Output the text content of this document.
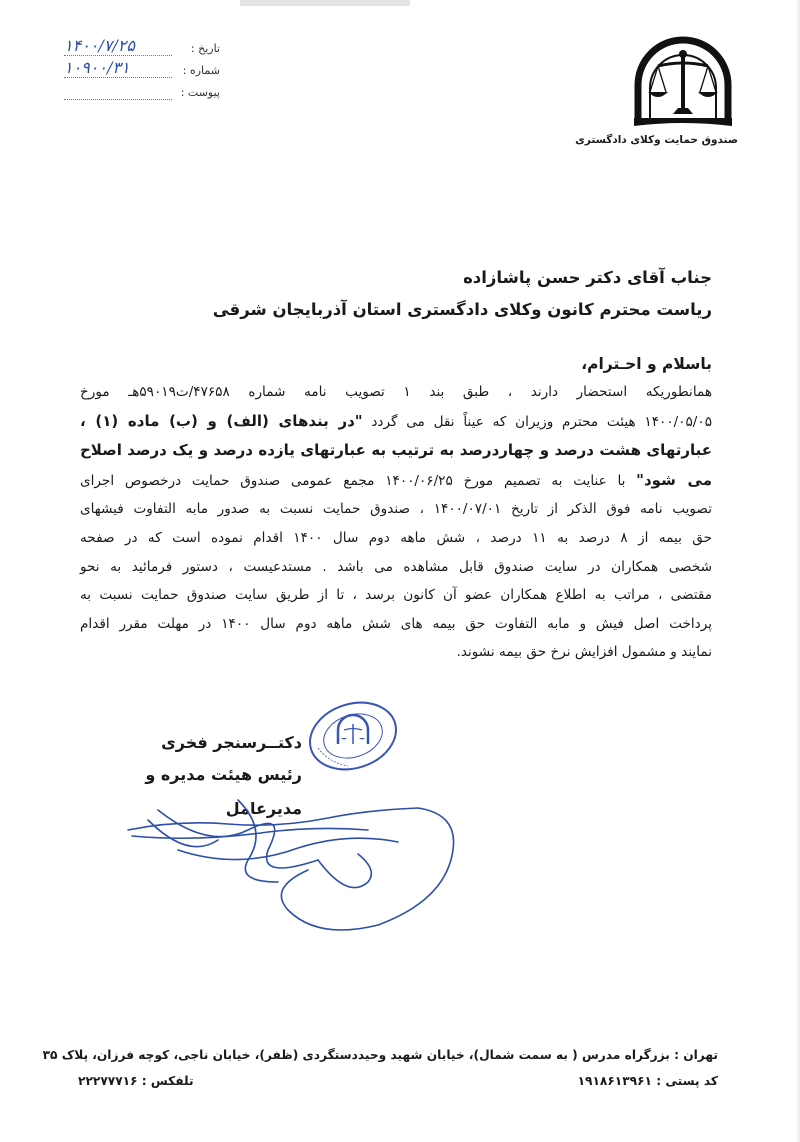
صندوق حمایت وکلای دادگستری
تاریخ :
۱۴۰۰/۷/۲۵
شماره :
۱۰۹۰۰/۳۱
پیوست :
جناب آقای دکتر حسن پاشازاده
ریاست محترم کانون وکلای دادگستری استان آذربایجان شرقی
باسلام و احـترام،
همانطوریکه استحضار دارند ، طبق بند ۱ تصویب نامه شماره ۴۷۶۵۸/ت۵۹۰۱۹هـ مورخ
۱۴۰۰/۰۵/۰۵ هیئت محترم وزیران که عیناً نقل می گردد "در بندهای (الف) و (ب) ماده (۱) ،
عبارتهای هشت درصد و چهاردرصد به ترتیب به عبارتهای یازده درصد و یک درصد اصلاح
می شود" با عنایت به تصمیم مورخ ۱۴۰۰/۰۶/۲۵ مجمع عمومی صندوق حمایت درخصوص اجرای
تصویب نامه فوق الذکر از تاریخ ۱۴۰۰/۰۷/۰۱ ، صندوق حمایت نسبت به صدور مابه التفاوت فیشهای
حق بیمه از ۸ درصد به ۱۱ درصد ، شش ماهه دوم سال ۱۴۰۰ اقدام نموده است که در صفحه
شخصی همکاران در سایت صندوق قابل مشاهده می باشد . مستدعیست ، دستور فرمائید به نحو
مقتضی ، مراتب به اطلاع همکاران عضو آن کانون برسد ، تا از طریق سایت صندوق حمایت نسبت به
پرداخت اصل فیش و مابه التفاوت حق بیمه های شش ماهه دوم سال ۱۴۰۰ در مهلت مقرر اقدام
نمایند و مشمول افزایش نرخ حق بیمه نشوند.
دکتــرسنجر فخری
رئیس هیئت مدیره و مدیرعامل
تهران : بزرگراه مدرس ( به سمت شمال)، خیابان شهید وحیددستگردی (ظفر)، خیابان ناجی، کوچه فرزان، پلاک ۳۵
کد پستی : ۱۹۱۸۶۱۳۹۶۱
تلفکس : ۲۲۲۷۷۷۱۶
